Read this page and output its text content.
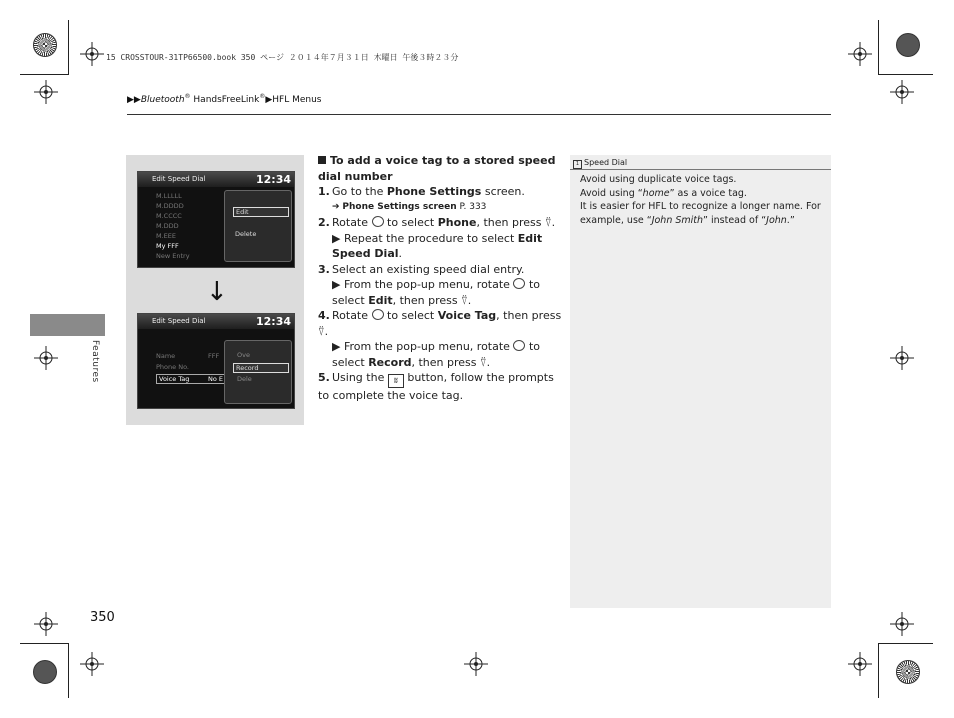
15 CROSSTOUR-31TP66500.book 350 ページ ２０１４年７月３１日 木曜日 午後３時２３分
▶▶Bluetooth® HandsFreeLink®▶HFL Menus
Features
Edit Speed Dial	12:34
M.LLLLL
M.DDDD
M.CCCC
M.DDD
M.EEE
My FFF
New Entry
Edit
Delete
↓
Edit Speed Dial	12:34
Name
Phone No.
Voice Tag	No E
FFF	Ove
Record
Dele
To add a voice tag to a stored speed dial number
1. Go to the Phone Settings screen.
➔ Phone Settings screen P. 333
2. Rotate  to select Phone, then press ⍢.
▶ Repeat the procedure to select Edit Speed Dial.
3. Select an existing speed dial entry.
▶ From the pop-up menu, rotate  to select Edit, then press ⍢.
4. Rotate  to select Voice Tag, then press ⍢.
▶ From the pop-up menu, rotate  to select Record, then press ⍢.
5. Using the ʬ button, follow the prompts to complete the voice tag.
1 Speed Dial
Avoid using duplicate voice tags.
Avoid using “home” as a voice tag.
It is easier for HFL to recognize a longer name. For example, use “John Smith” instead of “John.”
350
